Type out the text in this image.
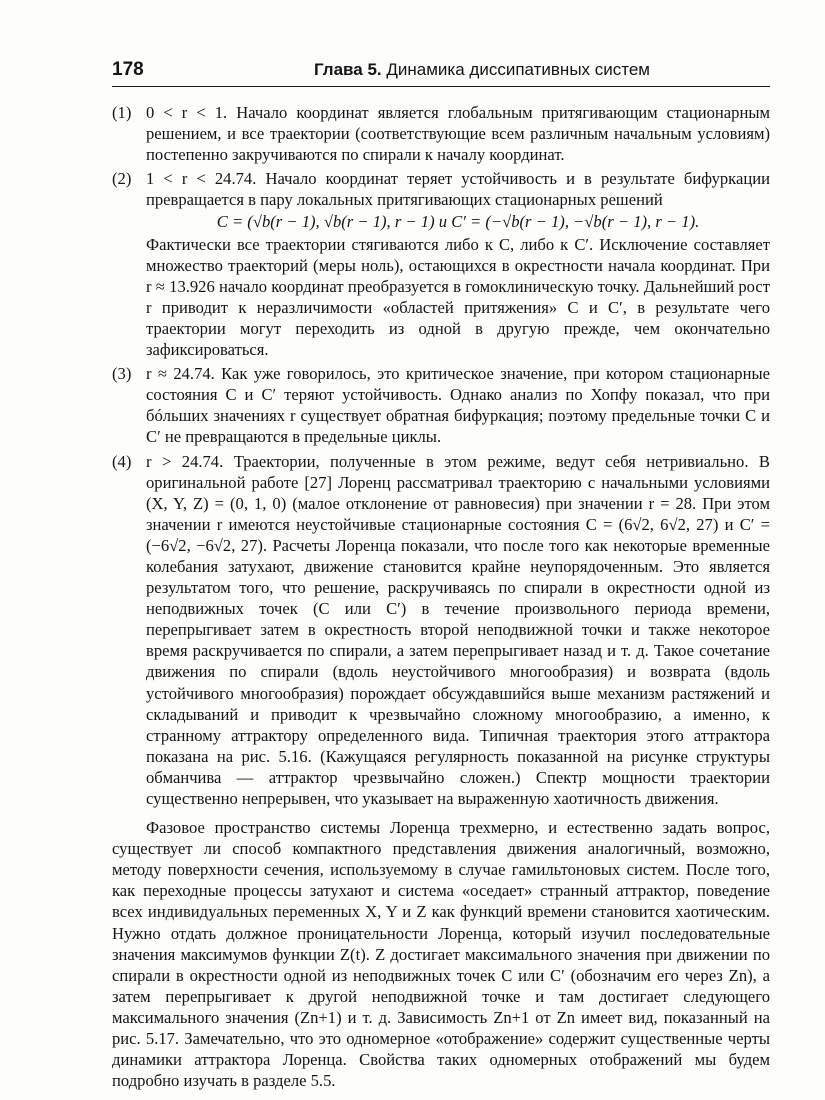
178	Глава 5. Динамика диссипативных систем
(1) 0 < r < 1. Начало координат является глобальным притягивающим стационарным решением, и все траектории (соответствующие всем различным начальным условиям) постепенно закручиваются по спирали к началу координат.
(2) 1 < r < 24.74. Начало координат теряет устойчивость и в результате бифуркации превращается в пару локальных притягивающих стационарных решений
C = (√b(r − 1), √b(r − 1), r − 1) и C′ = (−√b(r − 1), −√b(r − 1), r − 1).
Фактически все траектории стягиваются либо к C, либо к C′. Исключение составляет множество траекторий (меры ноль), остающихся в окрестности начала координат. При r ≈ 13.926 начало координат преобразуется в гомоклиническую точку. Дальнейший рост r приводит к неразличимости «областей притяжения» C и C′, в результате чего траектории могут переходить из одной в другую прежде, чем окончательно зафиксироваться.
(3) r ≈ 24.74. Как уже говорилось, это критическое значение, при котором стационарные состояния C и C′ теряют устойчивость. Однако анализ по Хопфу показал, что при бóльших значениях r существует обратная бифуркация; поэтому предельные точки C и C′ не превращаются в предельные циклы.
(4) r > 24.74. Траектории, полученные в этом режиме, ведут себя нетривиально. В оригинальной работе [27] Лоренц рассматривал траекторию с начальными условиями (X, Y, Z) = (0, 1, 0) (малое отклонение от равновесия) при значении r = 28. При этом значении r имеются неустойчивые стационарные состояния C = (6√2, 6√2, 27) и C′ = (−6√2, −6√2, 27). Расчеты Лоренца показали, что после того как некоторые временные колебания затухают, движение становится крайне неупорядоченным. Это является результатом того, что решение, раскручиваясь по спирали в окрестности одной из неподвижных точек (C или C′) в течение произвольного периода времени, перепрыгивает затем в окрестность второй неподвижной точки и также некоторое время раскручивается по спирали, а затем перепрыгивает назад и т. д. Такое сочетание движения по спирали (вдоль неустойчивого многообразия) и возврата (вдоль устойчивого многообразия) порождает обсуждавшийся выше механизм растяжений и складываний и приводит к чрезвычайно сложному многообразию, а именно, к странному аттрактору определенного вида. Типичная траектория этого аттрактора показана на рис. 5.16. (Кажущаяся регулярность показанной на рисунке структуры обманчива — аттрактор чрезвычайно сложен.) Спектр мощности траектории существенно непрерывен, что указывает на выраженную хаотичность движения.

Фазовое пространство системы Лоренца трехмерно, и естественно задать вопрос, существует ли способ компактного представления движения аналогичный, возможно, методу поверхности сечения, используемому в случае гамильтоновых систем. После того, как переходные процессы затухают и система «оседает» странный аттрактор, поведение всех индивидуальных переменных X, Y и Z как функций времени становится хаотическим. Нужно отдать должное проницательности Лоренца, который изучил последовательные значения максимумов функции Z(t). Z достигает максимального значения при движении по спирали в окрестности одной из неподвижных точек C или C′ (обозначим его через Zn), а затем перепрыгивает к другой неподвижной точке и там достигает следующего максимального значения (Zn+1) и т. д. Зависимость Zn+1 от Zn имеет вид, показанный на рис. 5.17. Замечательно, что это одномерное «отображение» содержит существенные черты динамики аттрактора Лоренца. Свойства таких одномерных отображений мы будем подробно изучать в разделе 5.5.
